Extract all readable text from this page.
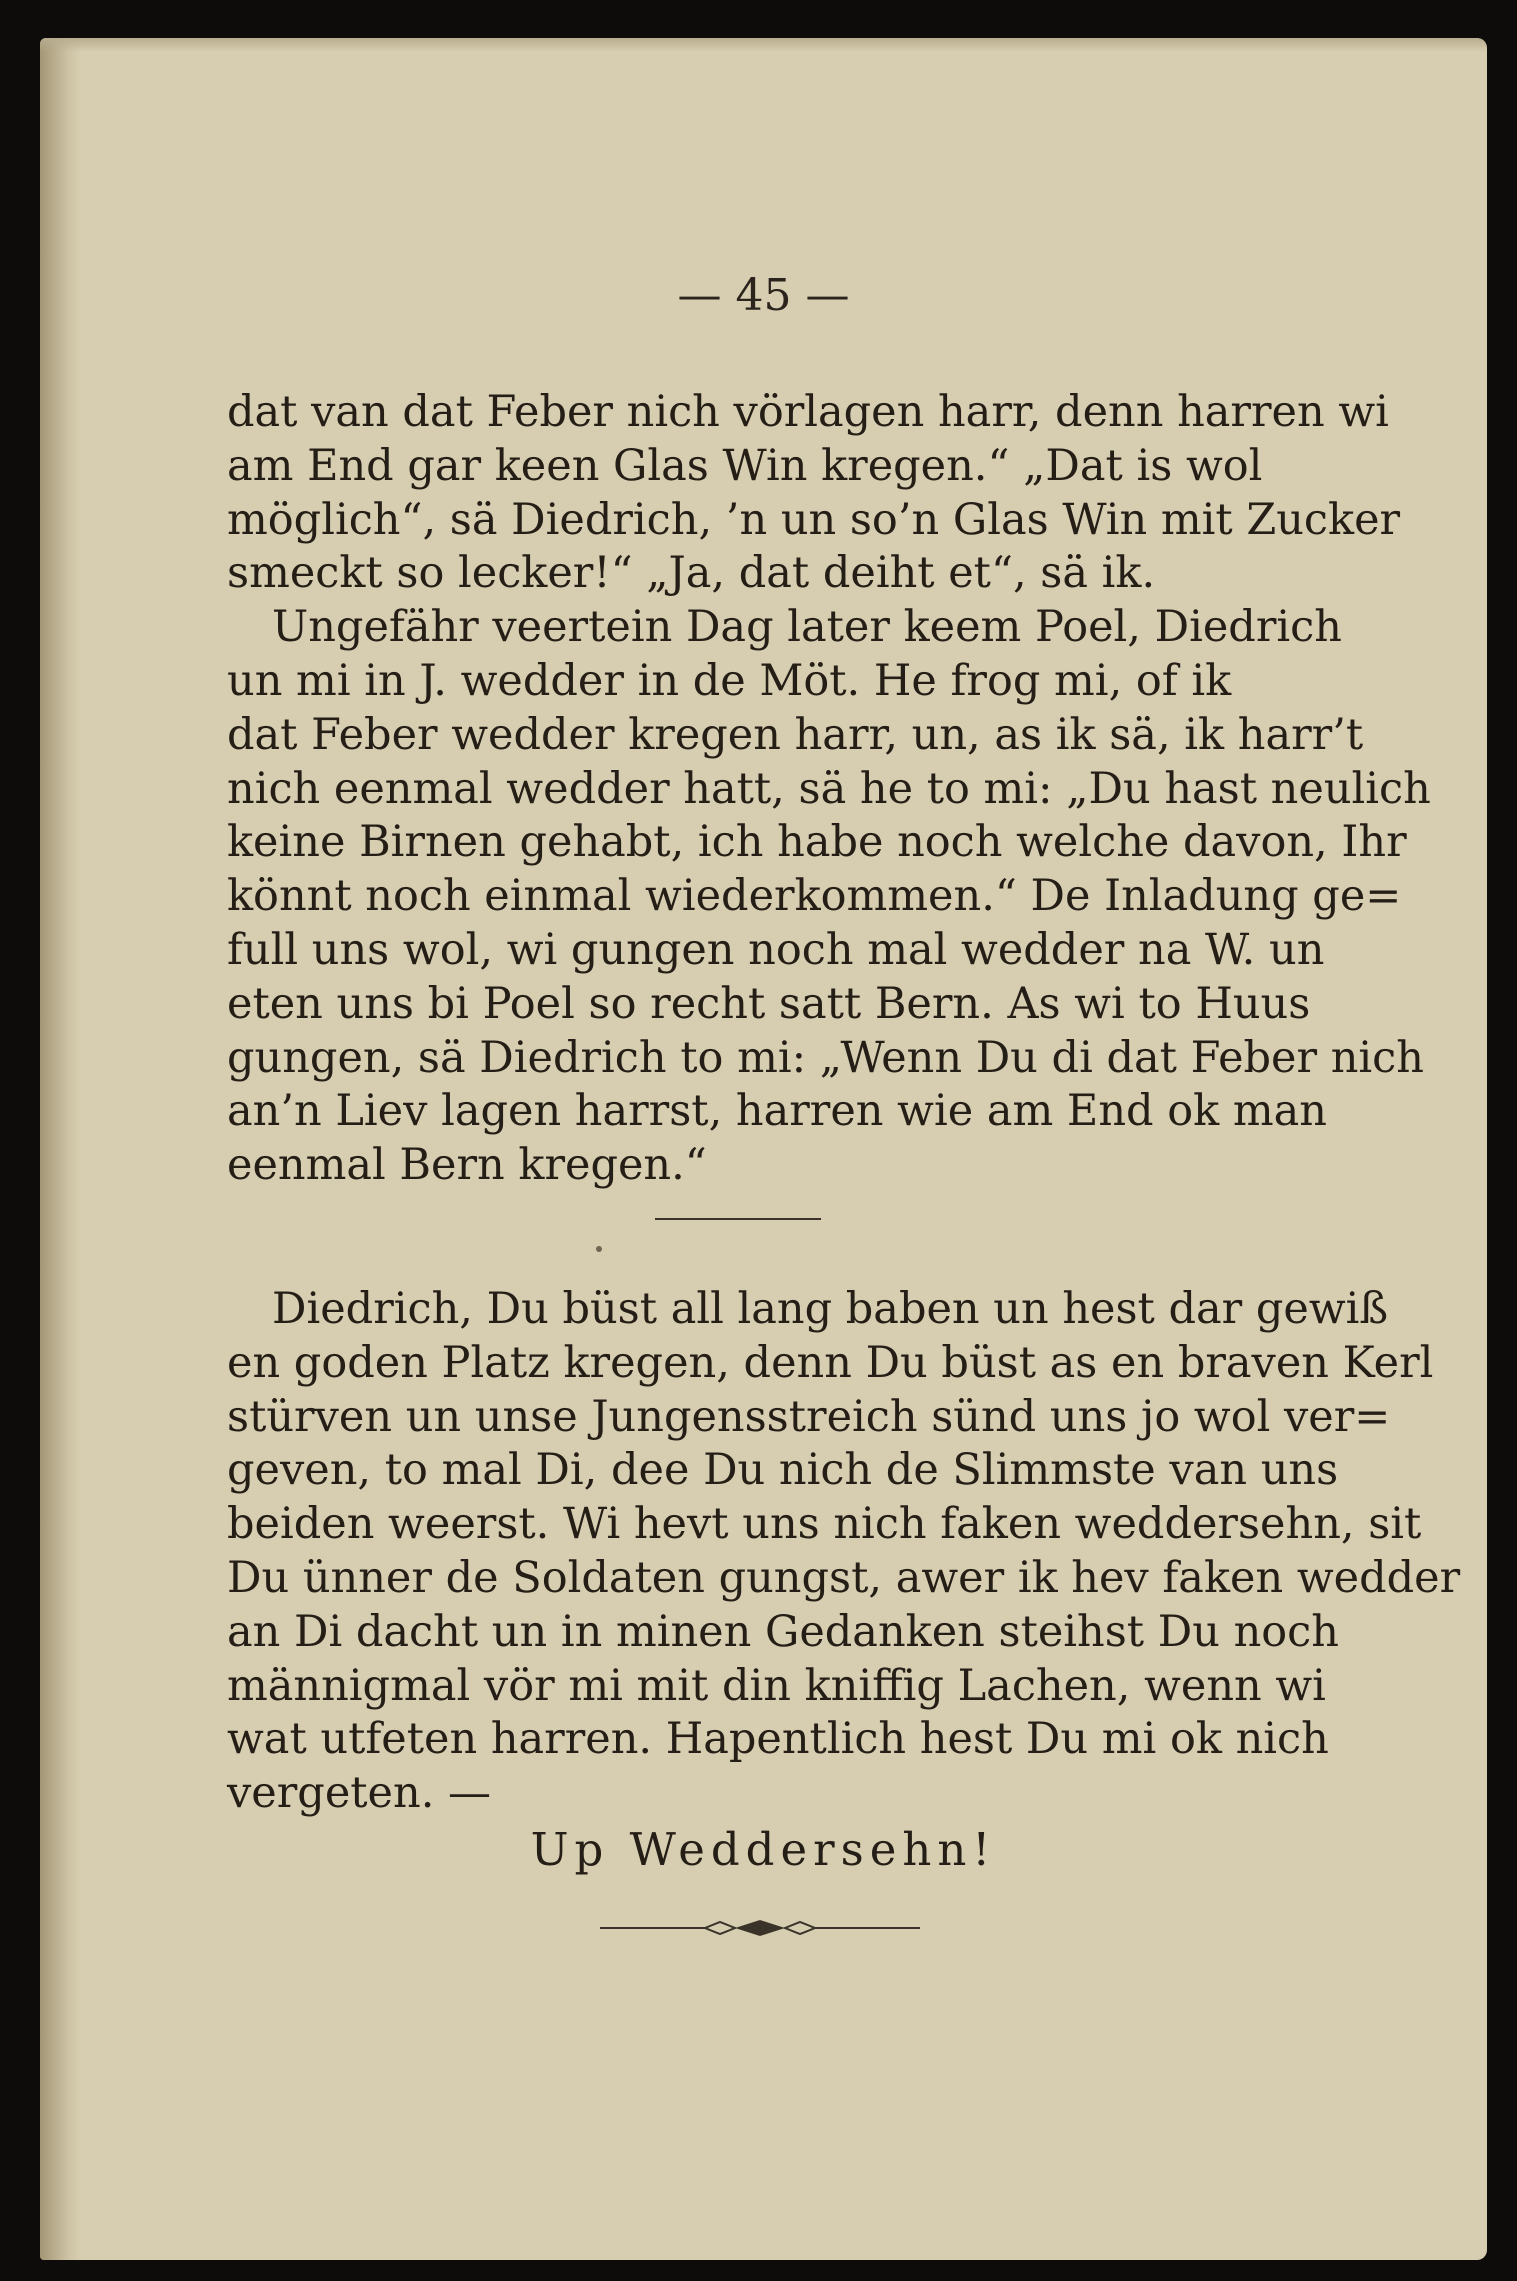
— 45 —
dat van dat Feber nich vörlagen harr, denn harren wi
am End gar keen Glas Win kregen.“ „Dat is wol
möglich“, sä Diedrich, ’n un so’n Glas Win mit Zucker
smeckt so lecker!“ „Ja, dat deiht et“, sä ik.
Ungefähr veertein Dag later keem Poel, Diedrich
un mi in J. wedder in de Möt. He frog mi, of ik
dat Feber wedder kregen harr, un, as ik sä, ik harr’t
nich eenmal wedder hatt, sä he to mi: „Du hast neulich
keine Birnen gehabt, ich habe noch welche davon, Ihr
könnt noch einmal wiederkommen.“ De Inladung ge=
full uns wol, wi gungen noch mal wedder na W. un
eten uns bi Poel so recht satt Bern. As wi to Huus
gungen, sä Diedrich to mi: „Wenn Du di dat Feber nich
an’n Liev lagen harrst, harren wie am End ok man
eenmal Bern kregen.“
Diedrich, Du büst all lang baben un hest dar gewiß
en goden Platz kregen, denn Du büst as en braven Kerl
stürven un unse Jungensstreich sünd uns jo wol ver=
geven, to mal Di, dee Du nich de Slimmste van uns
beiden weerst. Wi hevt uns nich faken weddersehn, sit
Du ünner de Soldaten gungst, awer ik hev faken wedder
an Di dacht un in minen Gedanken steihst Du noch
männigmal vör mi mit din kniffig Lachen, wenn wi
wat utfeten harren. Hapentlich hest Du mi ok nich
vergeten. —
Up Weddersehn!
